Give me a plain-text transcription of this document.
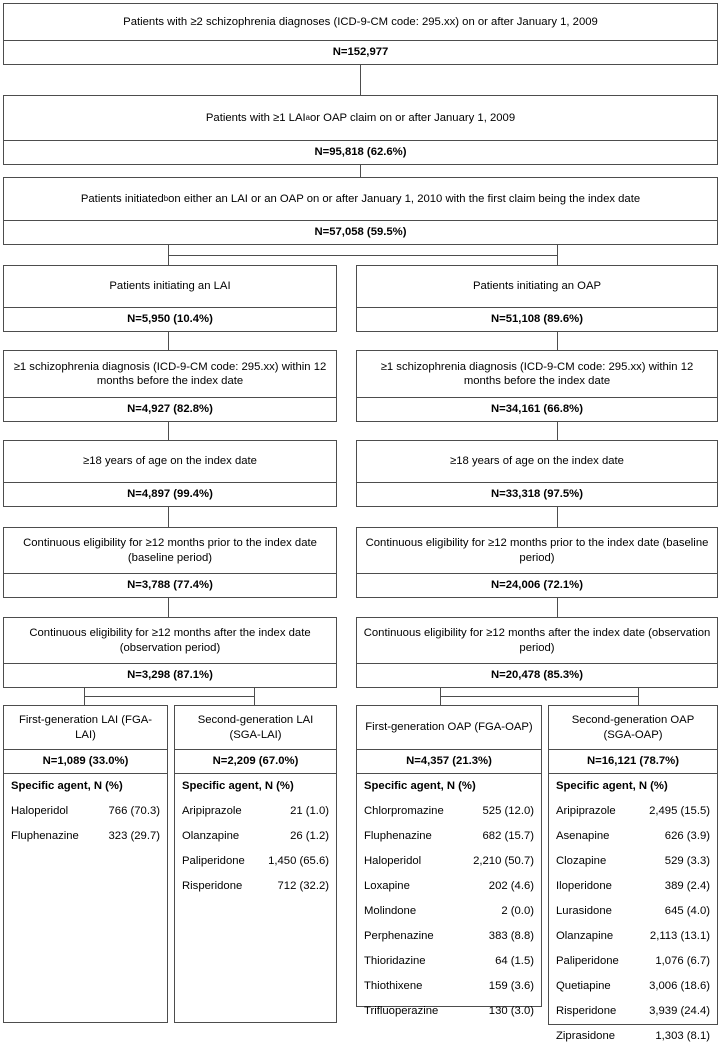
Patients with ≥2 schizophrenia diagnoses (ICD-9-CM code: 295.xx) on or after January 1, 2009
N=152,977
Patients with ≥1 LAI a or OAP claim on or after January 1, 2009
N=95,818 (62.6%)
Patients initiated b on either an LAI or an OAP on or after January 1, 2010 with the first claim being the index date
N=57,058 (59.5%)
Patients initiating an LAI
N=5,950 (10.4%)
≥1 schizophrenia diagnosis (ICD-9-CM code: 295.xx) within 12 months before the index date
N=4,927 (82.8%)
≥18 years of age on the index date
N=4,897 (99.4%)
Continuous eligibility for ≥12 months prior to the index date (baseline period)
N=3,788 (77.4%)
Continuous eligibility for ≥12 months after the index date (observation period)
N=3,298 (87.1%)
Patients initiating an OAP
N=51,108 (89.6%)
≥1 schizophrenia diagnosis (ICD-9-CM code: 295.xx) within 12 months before the index date
N=34,161 (66.8%)
≥18 years of age on the index date
N=33,318 (97.5%)
Continuous eligibility for ≥12 months prior to the index date (baseline period)
N=24,006 (72.1%)
Continuous eligibility for ≥12 months after the index date (observation period)
N=20,478 (85.3%)
First-generation LAI (FGA-LAI)
N=1,089 (33.0%)
Specific agent, N (%)
Haloperidol	766 (70.3)
Fluphenazine	323 (29.7)
Second-generation LAI (SGA-LAI)
N=2,209 (67.0%)
Specific agent, N (%)
Aripiprazole	21 (1.0)
Olanzapine	26 (1.2)
Paliperidone 1,450 (65.6)
Risperidone	712 (32.2)
First-generation OAP (FGA-OAP)
N=4,357 (21.3%)
Specific agent, N (%)
Chlorpromazine	525 (12.0)
Fluphenazine	682 (15.7)
Haloperidol	2,210 (50.7)
Loxapine	202 (4.6)
Molindone	2 (0.0)
Perphenazine	383 (8.8)
Thioridazine	64 (1.5)
Thiothixene	159 (3.6)
Trifluoperazine	130 (3.0)
Second-generation OAP (SGA-OAP)
N=16,121 (78.7%)
Specific agent, N (%)
Aripiprazole	2,495 (15.5)
Asenapine	626 (3.9)
Clozapine	529 (3.3)
Iloperidone	389 (2.4)
Lurasidone	645 (4.0)
Olanzapine	2,113 (13.1)
Paliperidone	1,076 (6.7)
Quetiapine	3,006 (18.6)
Risperidone	3,939 (24.4)
Ziprasidone	1,303 (8.1)
